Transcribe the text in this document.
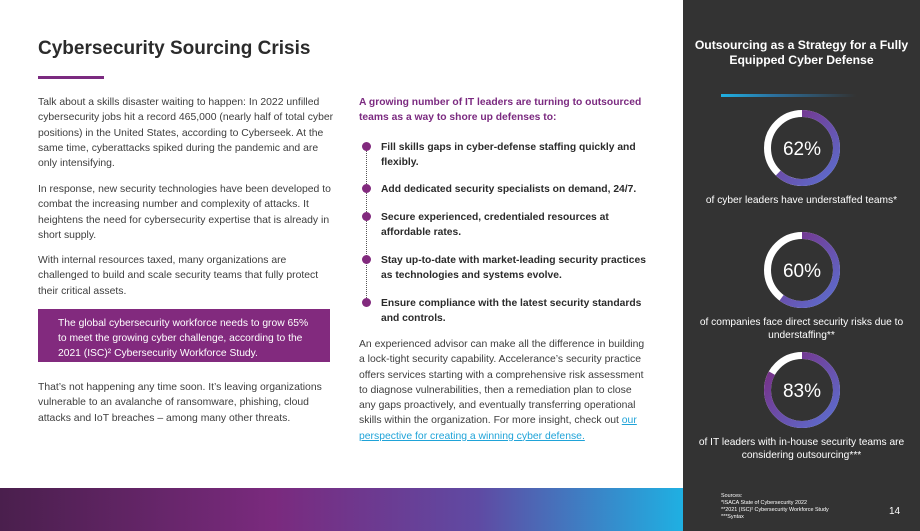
Cybersecurity Sourcing Crisis

Talk about a skills disaster waiting to happen: In 2022 unfilled cybersecurity jobs hit a record 465,000 (nearly half of total cyber positions) in the United States, according to Cyberseek. At the same time, cyberattacks spiked during the pandemic and are only intensifying.

In response, new security technologies have been developed to combat the increasing number and complexity of attacks. It heightens the need for cybersecurity expertise that is already in short supply.

With internal resources taxed, many organizations are challenged to build and scale security teams that fully protect their critical assets.

The global cybersecurity workforce needs to grow 65% to meet the growing cyber challenge, according to the 2021 (ISC)² Cybersecurity Workforce Study.

That’s not happening any time soon. It’s leaving organizations vulnerable to an avalanche of ransomware, phishing, cloud attacks and IoT breaches – among many other threats.

A growing number of IT leaders are turning to outsourced teams as a way to shore up defenses to:

Fill skills gaps in cyber-defense staffing quickly and flexibly.
Add dedicated security specialists on demand, 24/7.
Secure experienced, credentialed resources at affordable rates.
Stay up-to-date with market-leading security practices as technologies and systems evolve.
Ensure compliance with the latest security standards and controls.

An experienced advisor can make all the difference in building a lock-tight security capability. Accelerance’s security practice offers services starting with a comprehensive risk assessment to diagnose vulnerabilities, then a remediation plan to close any gaps proactively, and eventually transferring operational skills within the organization. For more insight, check out our perspective for creating a winning cyber defense.

Outsourcing as a Strategy for a Fully Equipped Cyber Defense
62%
of cyber leaders have understaffed teams*
60%
of companies face direct security risks due to understaffing**
83%
of IT leaders with in-house security teams are considering outsourcing***
Sources:
*ISACA State of Cybersecurity 2022
**2021 (ISC)² Cybersecurity Workforce Study
***Syntax	14
